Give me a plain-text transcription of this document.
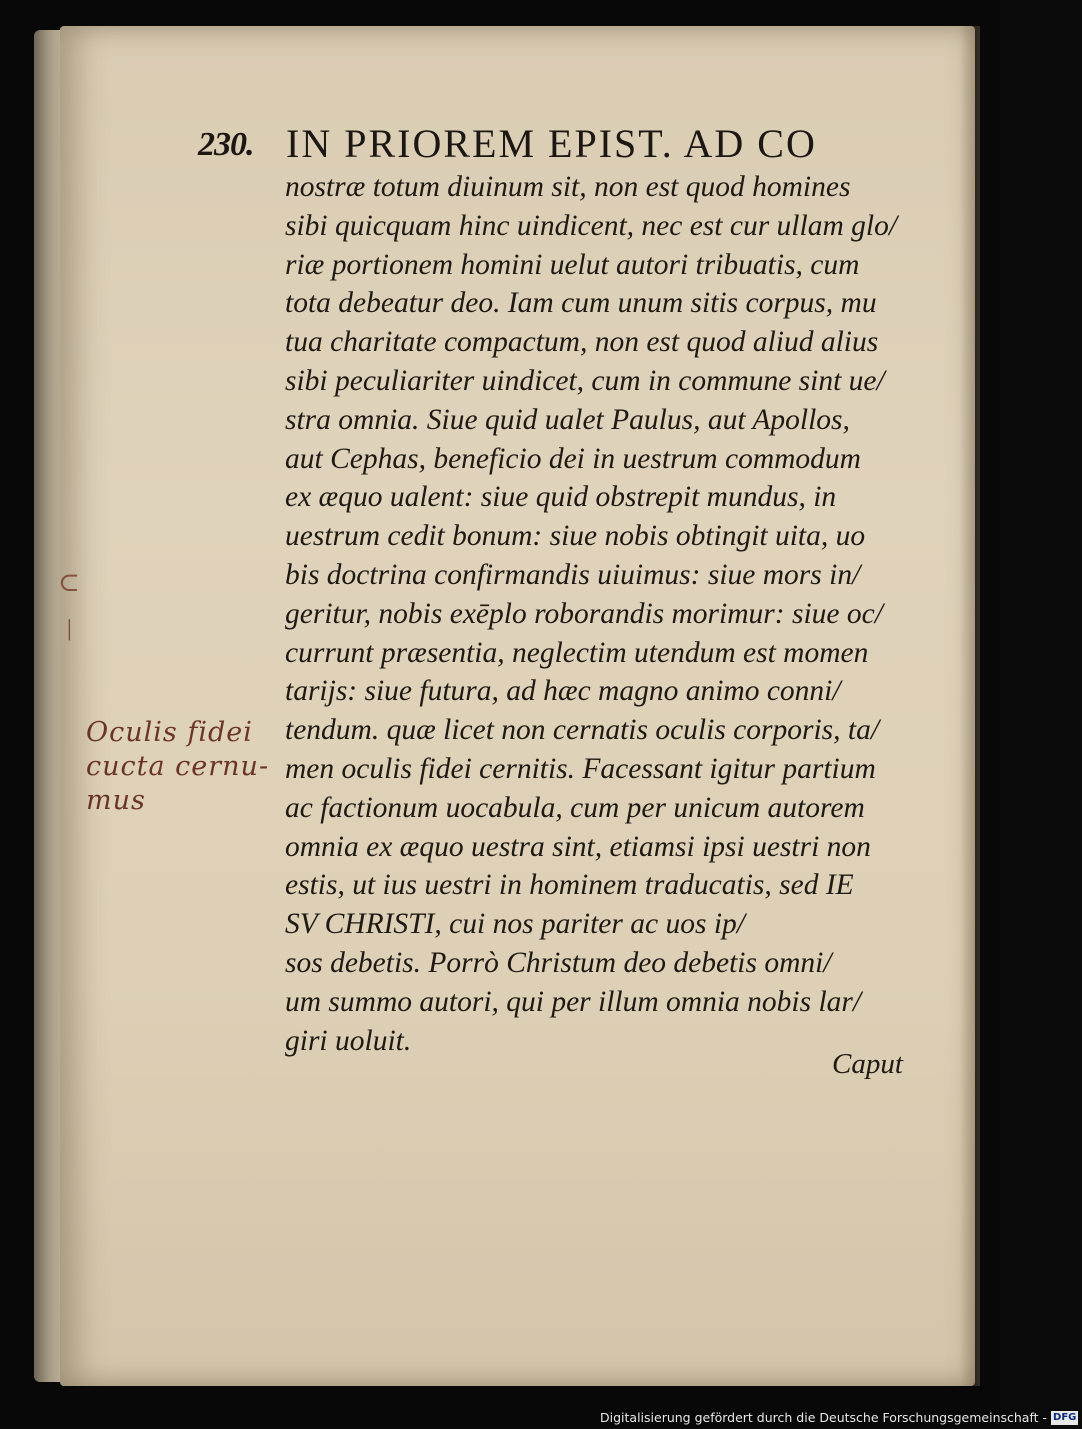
230. IN PRIOREM EPIST. AD CO
nostræ totum diuinum sit, non est quod homines
sibi quicquam hinc uindicent, nec est cur ullam glo/
riæ portionem homini uelut autori tribuatis, cum
tota debeatur deo. Iam cum unum sitis corpus, mu
tua charitate compactum, non est quod aliud alius
sibi peculiariter uindicet, cum in commune sint ue/
stra omnia. Siue quid ualet Paulus, aut Apollos,
aut Cephas, beneficio dei in uestrum commodum
ex æquo ualent: siue quid obstrepit mundus, in
uestrum cedit bonum: siue nobis obtingit uita, uo
bis doctrina confirmandis uiuimus: siue mors in/
geritur, nobis exēplo roborandis morimur: siue oc/
currunt præsentia, neglectim utendum est momen
tarijs: siue futura, ad hæc magno animo conni/
tendum. quæ licet non cernatis oculis corporis, ta/
men oculis fidei cernitis. Facessant igitur partium
ac factionum uocabula, cum per unicum autorem
omnia ex æquo uestra sint, etiamsi ipsi uestri non
estis, ut ius uestri in hominem traducatis, sed IE
SV CHRISTI, cui nos pariter ac uos ip/
sos debetis. Porrò Christum deo debetis omni/
um summo autori, qui per illum omnia nobis lar/
giri uoluit.
Caput
⊂
│
Oculis fidei
cucta cernu-
mus
Digitalisierung gefördert durch die Deutsche Forschungsgemeinschaft - DFG
